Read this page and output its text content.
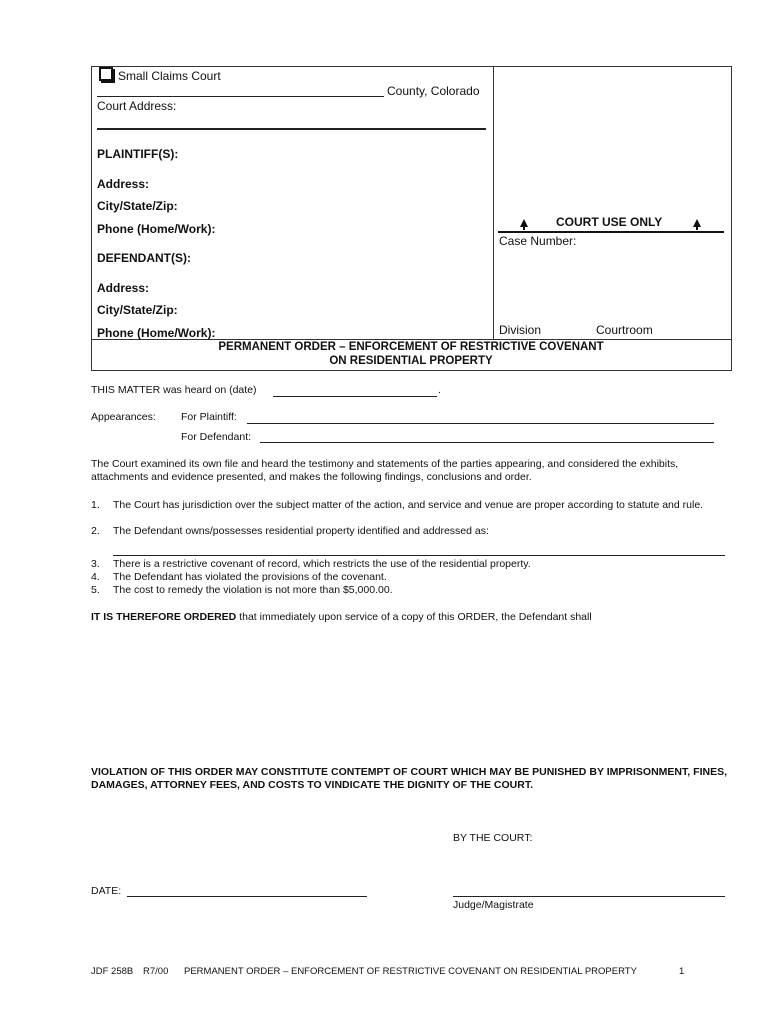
Small Claims Court
County, Colorado
Court Address:
PLAINTIFF(S):
Address:
City/State/Zip:
Phone (Home/Work):
DEFENDANT(S):
Address:
City/State/Zip:
Phone (Home/Work):
COURT USE ONLY
Case Number:
Division	Courtroom
PERMANENT ORDER – ENFORCEMENT OF RESTRICTIVE COVENANT
ON RESIDENTIAL PROPERTY
THIS MATTER was heard on (date)	.
Appearances: For Plaintiff:
For Defendant:
The Court examined its own file and heard the testimony and statements of the parties appearing, and considered the exhibits, attachments and evidence presented, and makes the following findings, conclusions and order.
1. The Court has jurisdiction over the subject matter of the action, and service and venue are proper according to statute and rule.
2. The Defendant owns/possesses residential property identified and addressed as:
3. There is a restrictive covenant of record, which restricts the use of the residential property.
4. The Defendant has violated the provisions of the covenant.
5. The cost to remedy the violation is not more than $5,000.00.
IT IS THEREFORE ORDERED that immediately upon service of a copy of this ORDER, the Defendant shall
VIOLATION OF THIS ORDER MAY CONSTITUTE CONTEMPT OF COURT WHICH MAY BE PUNISHED BY IMPRISONMENT, FINES, DAMAGES, ATTORNEY FEES, AND COSTS TO VINDICATE THE DIGNITY OF THE COURT.
BY THE COURT:
DATE:
Judge/Magistrate
JDF 258B R7/00 PERMANENT ORDER – ENFORCEMENT OF RESTRICTIVE COVENANT ON RESIDENTIAL PROPERTY	1
